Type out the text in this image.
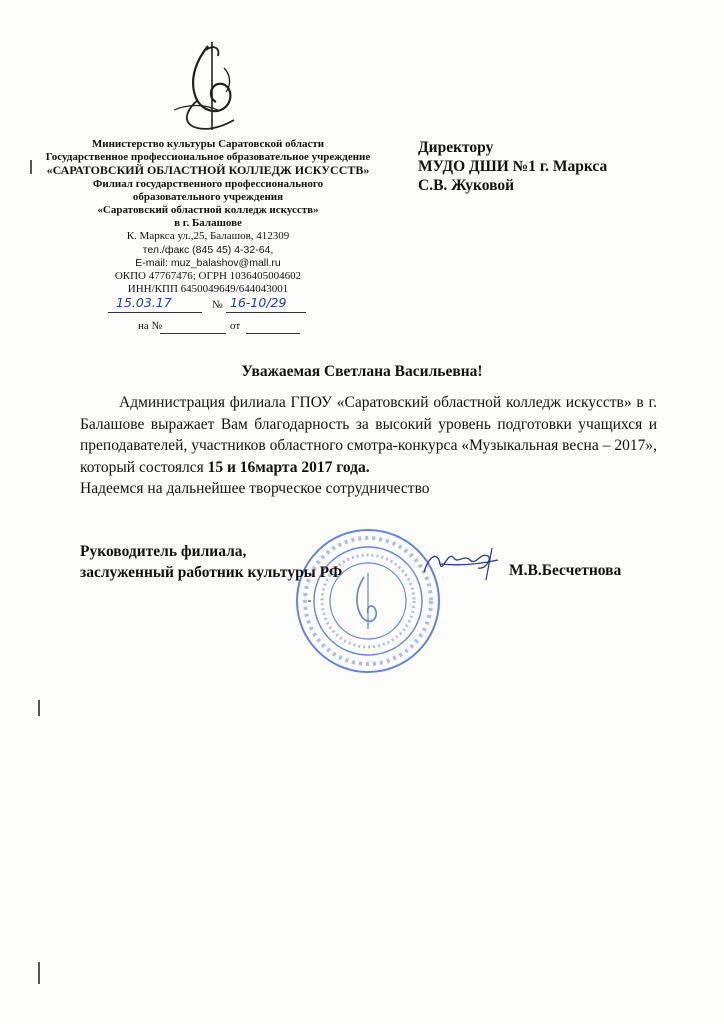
Министерство культуры Саратовской области
Государственное профессиональное образовательное учреждение
«САРАТОВСКИЙ ОБЛАСТНОЙ КОЛЛЕДЖ ИСКУССТВ»
Филиал государственного профессионального
образовательного учреждения
«Саратовский областной колледж искусств»
в г. Балашове
К. Маркса ул.,25, Балашов, 412309
тел./факс (845 45) 4-32-64,
E-mail: muz_balashov@mall.ru
ОКПО 47767476; ОГРН 1036405004602
ИНН/КПП 6450049649/644043001
15.03.17	№ 16-10/29
на №	от
Директору
МУДО ДШИ №1 г. Маркса
С.В. Жуковой
Уважаемая Светлана Васильевна!

Администрация филиала ГПОУ «Саратовский областной колледж искусств» в г. Балашове выражает Вам благодарность за высокий уровень подготовки учащихся и преподавателей, участников областного смотра-конкурса «Музыкальная весна – 2017», который состоялся 15 и 16марта 2017 года.

Надеемся на дальнейшее творческое сотрудничество

Руководитель филиала,
заслуженный работник культуры РФ	М.В.Бесчетнова
